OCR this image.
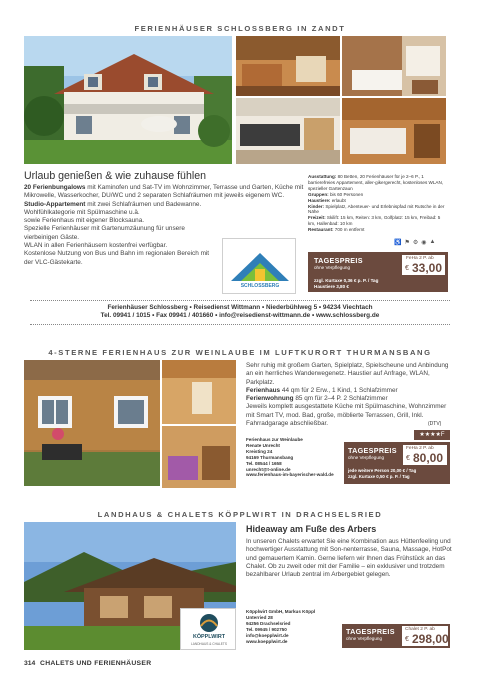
FERIENHÄUSER SCHLOSSBERG IN ZANDT
Urlaub genießen & wie zuhause fühlen
20 Ferienbungalows mit Kaminofen und Sat-TV im Wohnzimmer, Terrasse und Garten, Küche mit Mikrowelle, Wasserkocher, DU/WC und 2 separaten Schlafräumen mit jeweils eigenem WC.
Studio-Appartement mit zwei Schlafräumen und Badewanne.
Wohlfühlkategorie mit Spülmaschine u.ä.
sowie Ferienhaus mit eigener Blocksauna.
Spezielle Ferienhäuser mit Gartenumzäunung für unsere vierbeinigen Gäste.
WLAN in allen Ferienhäusern kostenfrei verfügbar.
Kostenlose Nutzung von Bus und Bahn im regionalen Bereich mit der VLC-Gästekarte.
SCHLOSSBERG
Ausstattung: 80 Betten, 20 Ferienhäuser für je 2–6 P., 1 barrierefreies Appartement, aller-gikergerecht, kostenloses WLAN, spezieller Gartenzaun
Gruppen: bis 60 Personen
Haustiere: erlaubt
Kinder: Spielplatz, Abenteuer- und Erlebnispfad mit Rutsche in der Nähe
Freizeit: Skilift: 15 km, Reiten: 3 km, Golfplatz: 15 km, Freibad: 5 km, Hallenbad: 10 km
Restaurant: 700 m entfernt
♿ ⚑ ⚙ ◉ ▲
TAGESPREIS
ohne Verpflegung
FeHa 2 P. ab
€ 33,00
zzgl. Kurtaxe 0,36 € p. P. / Tag
Haustiere 3,80 €
Ferienhäuser Schlossberg • Reisedienst Wittmann • Niederbühlweg 5 • 94234 Viechtach
Tel. 09941 / 1015 • Fax 09941 / 401660 • info@reisedienst-wittmann.de • www.schlossberg.de
4-STERNE FERIENHAUS ZUR WEINLAUBE IM LUFTKURORT THURMANSBANG
Sehr ruhig mit großem Garten, Spielplatz, Spielscheune und Anbindung an ein herrliches Wanderwegenetz. Haustier auf Anfrage, WLAN, Parkplatz.
Ferienhaus 44 qm für 2 Erw., 1 Kind, 1 Schlafzimmer
Ferienwohnung 85 qm für 2–4 P. 2 Schlafzimmer
Jeweils komplett ausgestattete Küche mit Spülmaschine, Wohnzimmer mit Smart TV, mod. Bad, große, möblierte Terrassen, Grill, Inkl. Fahrradgarage abschließbar.	(DTV)
Ferienhaus zur Weinlaube
Renate Unrecht
Kreisting 24
94169 Thurmansbang
Tel. 08544 / 1658
unrecht@t-online.de
www.ferienhaus-im-bayerischer-wald.de
★★★★F
TAGESPREIS
ohne Verpflegung
FeHa 2 P. ab
€ 80,00
jede weitere Person 20,00 € / Tag
zzgl. Kurtaxe 0,50 € p. P. / Tag
LANDHAUS & CHALETS KÖPPLWIRT IN DRACHSELSRIED
KÖPPLWIRT
LANDHAUS & CHALETS
Hideaway am Fuße des Arbers
In unseren Chalets erwartet Sie eine Kombination aus Hüttenfeeling und hochwertiger Ausstattung mit Son-nenterrasse, Sauna, Massage, HotPot und gemauertem Kamin. Gerne liefern wir Ihnen das Frühstück an das Chalet. Ob zu zweit oder mit der Familie – ein exklusiver und trotzdem bezahlbarer Urlaub zentral im Arbergebiet gelegen.
Köpplwirt GmbH, Markus Köppl
Unterried 28
94256 Drachselsried
Tel. 09945 / 902750
info@koepplwirt.de
www.koepplwirt.de
TAGESPREIS
ohne Verpflegung
Chalet 2 P. ab
€ 298,00
314 CHALETS UND FERIENHÄUSER
